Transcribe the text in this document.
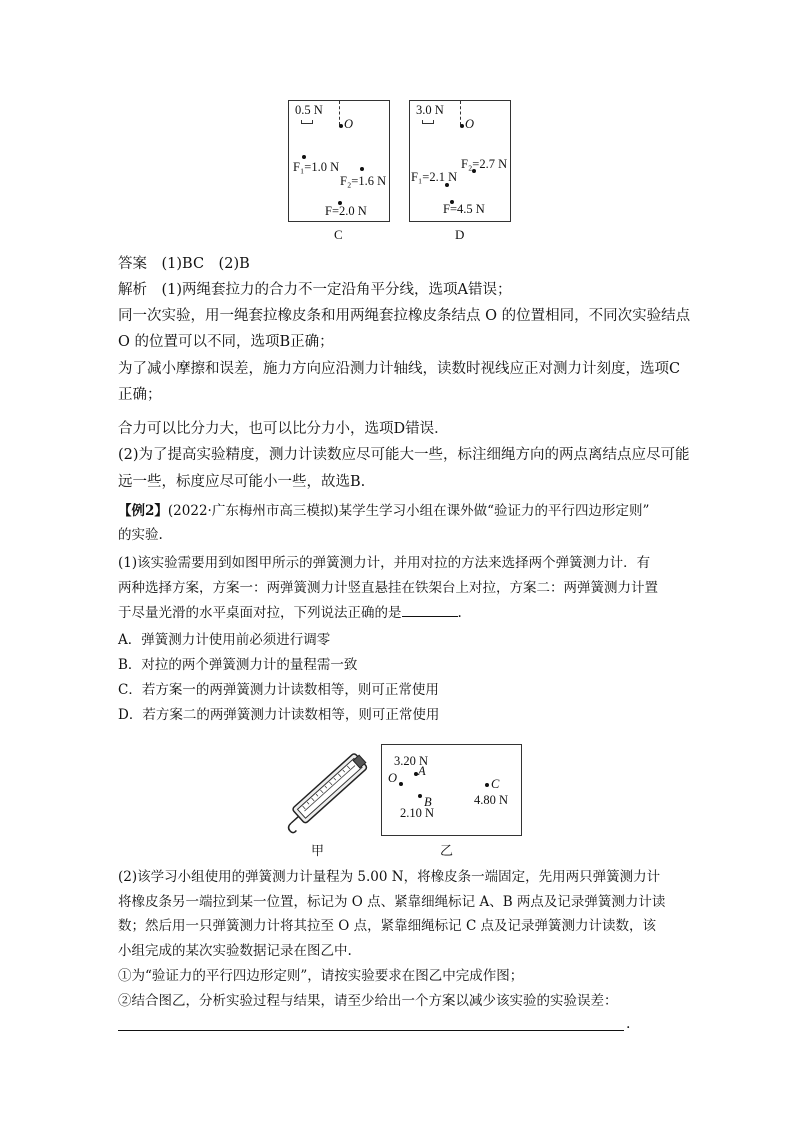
0.5 N
O
F₁=1.0 N
F₂=1.6 N
F=2.0 N
C
3.0 N
O
F₂=2.7 N
F₁=2.1 N
F=4.5 N
D
答案　(1)BC　(2)B
解析　(1)两绳套拉力的合力不一定沿角平分线，选项A错误；
同一次实验，用一绳套拉橡皮条和用两绳套拉橡皮条结点 O 的位置相同，不同次实验结点
O 的位置可以不同，选项B正确；
为了减小摩擦和误差，施力方向应沿测力计轴线，读数时视线应正对测力计刻度，选项C
正确；
合力可以比分力大，也可以比分力小，选项D错误．
(2)为了提高实验精度，测力计读数应尽可能大一些，标注细绳方向的两点离结点应尽可能
远一些，标度应尽可能小一些，故选B.
【例2】(2022·广东梅州市高三模拟)某学生学习小组在课外做“验证力的平行四边形定则”
的实验.
(1)该实验需要用到如图甲所示的弹簧测力计，并用对拉的方法来选择两个弹簧测力计．有
两种选择方案，方案一：两弹簧测力计竖直悬挂在铁架台上对拉，方案二：两弹簧测力计置
于尽量光滑的水平桌面对拉，下列说法正确的是	.
A．弹簧测力计使用前必须进行调零
B．对拉的两个弹簧测力计的量程需一致
C．若方案一的两弹簧测力计读数相等，则可正常使用
D．若方案二的两弹簧测力计读数相等，则可正常使用
甲
3.20 N
A
O
B
2.10 N
C
4.80 N
乙
(2)该学习小组使用的弹簧测力计量程为 5.00 N，将橡皮条一端固定，先用两只弹簧测力计
将橡皮条另一端拉到某一位置，标记为 O 点、紧靠细绳标记 A、B 两点及记录弹簧测力计读
数；然后用一只弹簧测力计将其拉至 O 点，紧靠细绳标记 C 点及记录弹簧测力计读数，该
小组完成的某次实验数据记录在图乙中.
①为“验证力的平行四边形定则”，请按实验要求在图乙中完成作图；
②结合图乙，分析实验过程与结果，请至少给出一个方案以减少该实验的实验误差：
.
